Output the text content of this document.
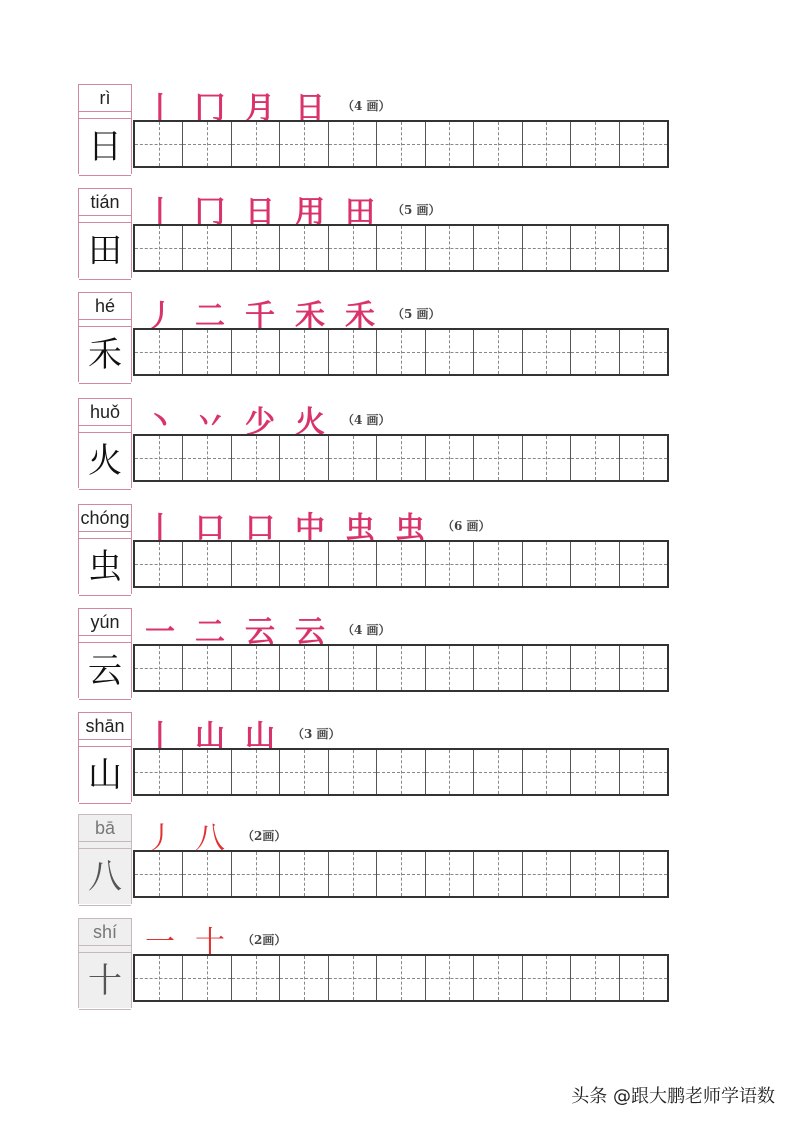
rì
日
丨 冂 月 日	（4 画）
tián
田
丨 冂 日 用 田	（5 画）
hé
禾
丿 二 千 禾 禾	（5 画）
huǒ
火
丶 丷 少 火	（4 画）
chóng
虫
丨 口 口 中 虫 虫	（6 画）
yún
云
一 二 云 云	（4 画）
shān
山
丨 山 山	（3 画）
bā
八
丿 八	（2画）
shí
十
一 十	（2画）
头条 @跟大鹏老师学语数
